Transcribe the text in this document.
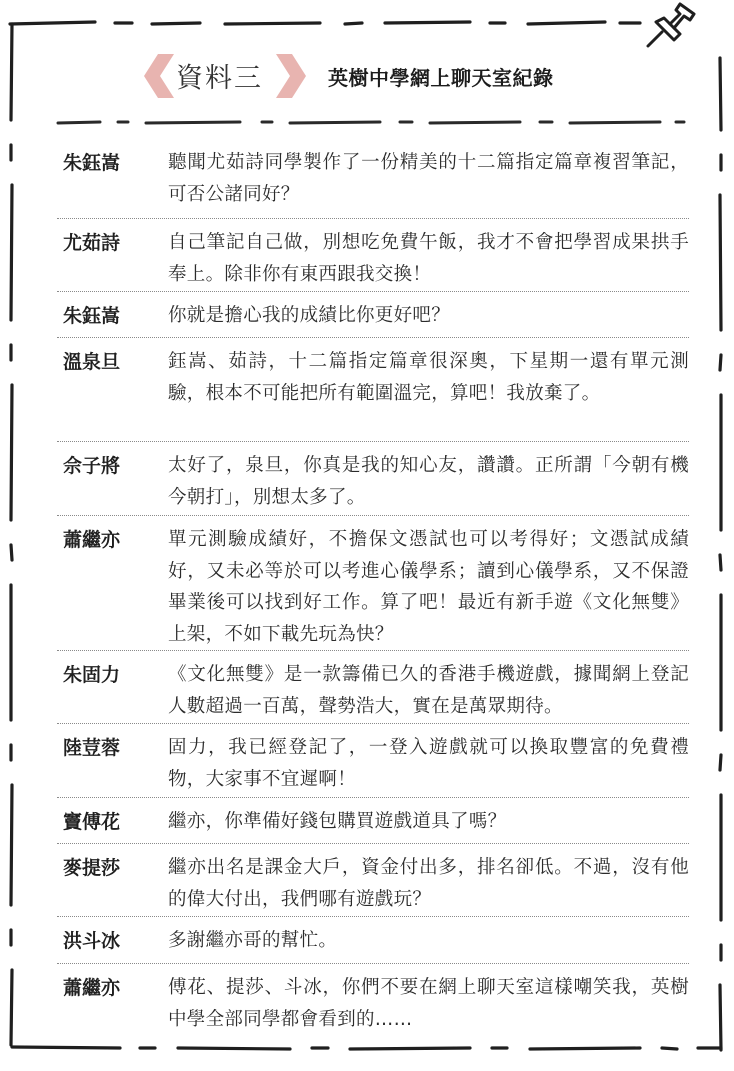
資料三	英樹中學網上聊天室紀錄
朱鈺嵩	聽聞尤茹詩同學製作了一份精美的十二篇指定篇章複習筆記，可否公諸同好？
尤茹詩	自己筆記自己做，別想吃免費午飯，我才不會把學習成果拱手奉上。除非你有東西跟我交換！
朱鈺嵩	你就是擔心我的成績比你更好吧？
溫泉旦	鈺嵩、茹詩，十二篇指定篇章很深奧，下星期一還有單元測驗，根本不可能把所有範圍溫完，算吧！我放棄了。
佘子將	太好了，泉旦，你真是我的知心友，讚讚。正所謂「今朝有機今朝打」，別想太多了。
蕭繼亦	單元測驗成績好，不擔保文憑試也可以考得好；文憑試成績好，又未必等於可以考進心儀學系；讀到心儀學系，又不保證畢業後可以找到好工作。算了吧！最近有新手遊《文化無雙》上架，不如下載先玩為快？
朱固力	《文化無雙》是一款籌備已久的香港手機遊戲，據聞網上登記人數超過一百萬，聲勢浩大，實在是萬眾期待。
陸荳蓉	固力，我已經登記了，一登入遊戲就可以換取豐富的免費禮物，大家事不宜遲啊！
竇傅花	繼亦，你準備好錢包購買遊戲道具了嗎？
麥提莎	繼亦出名是課金大戶，資金付出多，排名卻低。不過，沒有他的偉大付出，我們哪有遊戲玩？
洪斗冰	多謝繼亦哥的幫忙。
蕭繼亦	傅花、提莎、斗冰，你們不要在網上聊天室這樣嘲笑我，英樹中學全部同學都會看到的……
